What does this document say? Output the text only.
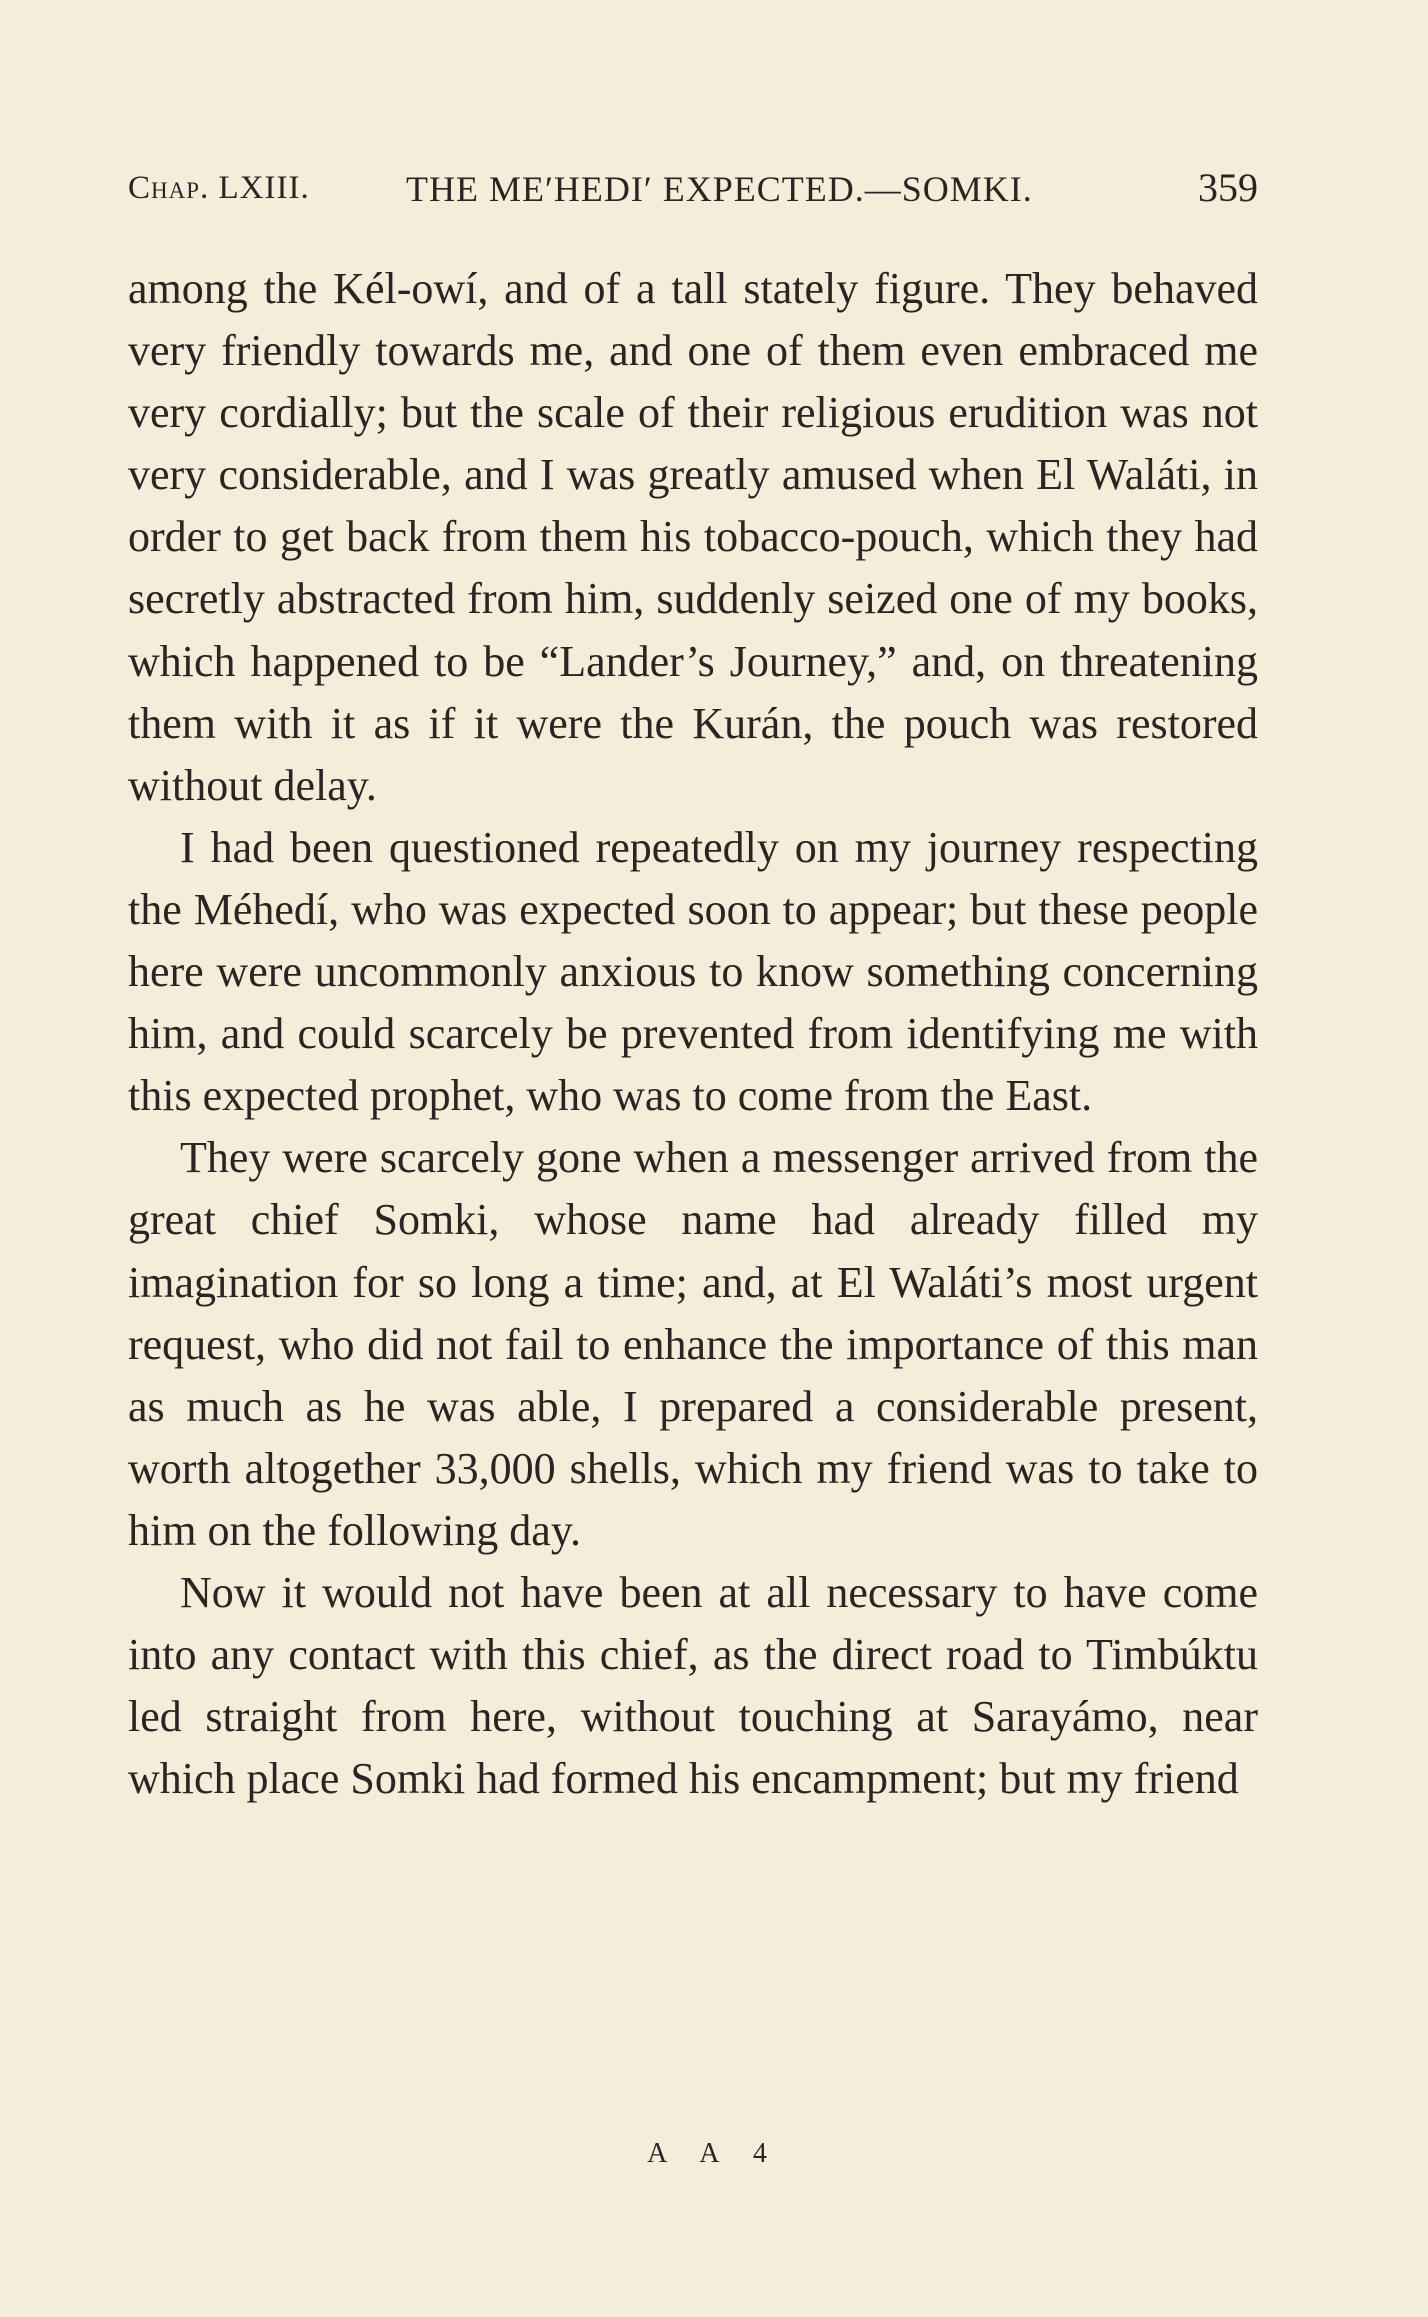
Chap. LXIII.	THE ME′HEDI′ EXPECTED.—SOMKI.	359

among the Kél-owí, and of a tall stately figure. They behaved very friendly towards me, and one of them even embraced me very cordially; but the scale of their religious erudition was not very considerable, and I was greatly amused when El Waláti, in order to get back from them his tobacco-pouch, which they had secretly abstracted from him, suddenly seized one of my books, which happened to be “Lander’s Journey,” and, on threatening them with it as if it were the Kurán, the pouch was restored without delay.

I had been questioned repeatedly on my journey respecting the Méhedí, who was expected soon to appear; but these people here were uncommonly anxious to know something concerning him, and could scarcely be prevented from identifying me with this expected prophet, who was to come from the East.

They were scarcely gone when a messenger arrived from the great chief Somki, whose name had already filled my imagination for so long a time; and, at El Waláti’s most urgent request, who did not fail to enhance the importance of this man as much as he was able, I prepared a considerable present, worth altogether 33,000 shells, which my friend was to take to him on the following day.

Now it would not have been at all necessary to have come into any contact with this chief, as the direct road to Timbúktu led straight from here, without touching at Sarayámo, near which place Somki had formed his encampment; but my friend

A A 4
